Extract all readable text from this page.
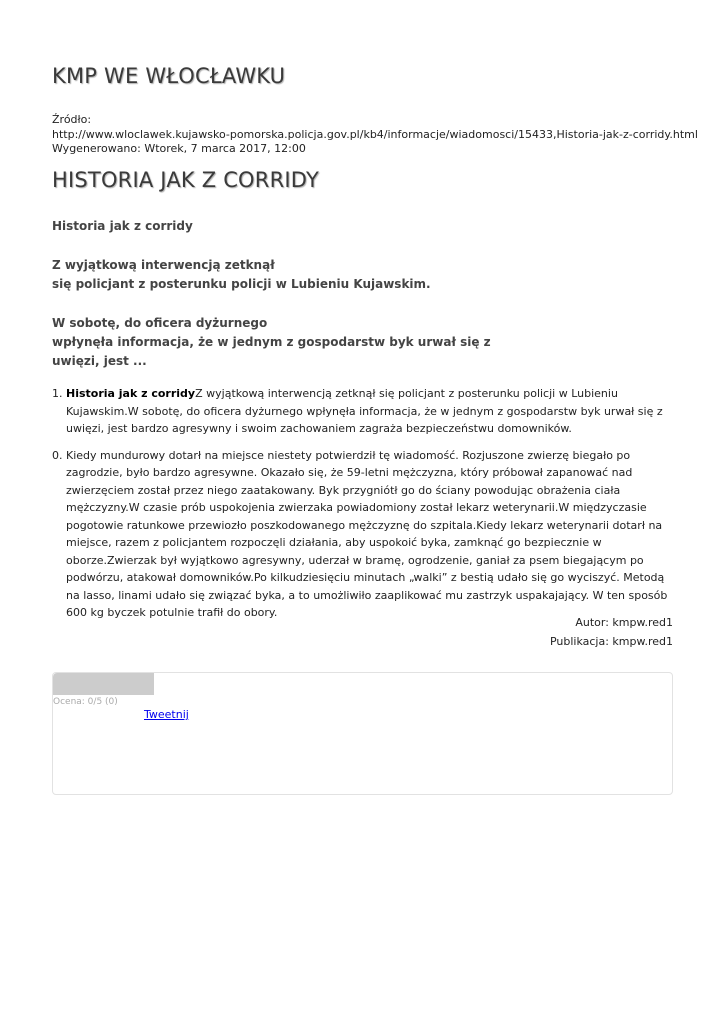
KMP WE WŁOCŁAWKU
Źródło:
http://www.wloclawek.kujawsko-pomorska.policja.gov.pl/kb4/informacje/wiadomosci/15433,Historia-jak-z-corridy.html
Wygenerowano: Wtorek, 7 marca 2017, 12:00
HISTORIA JAK Z CORRIDY
Historia jak z corridy
Z wyjątkową interwencją zetknął
się policjant z posterunku policji w Lubieniu Kujawskim.
W sobotę, do oficera dyżurnego
wpłynęła informacja, że w jednym z gospodarstw byk urwał się z
uwięzi, jest ...
1. Historia jak z corridyZ wyjątkową interwencją zetknął się policjant z posterunku policji w Lubieniu Kujawskim.W sobotę, do oficera dyżurnego wpłynęła informacja, że w jednym z gospodarstw byk urwał się z uwięzi, jest bardzo agresywny i swoim zachowaniem zagraża bezpieczeństwu domowników.
0. Kiedy mundurowy dotarł na miejsce niestety potwierdził tę wiadomość. Rozjuszone zwierzę biegało po zagrodzie, było bardzo agresywne. Okazało się, że 59-letni mężczyzna, który próbował zapanować nad zwierzęciem został przez niego zaatakowany. Byk przygniótł go do ściany powodując obrażenia ciała mężczyzny.W czasie prób uspokojenia zwierzaka powiadomiony został lekarz weterynarii.W międzyczasie pogotowie ratunkowe przewiozło poszkodowanego mężczyznę do szpitala.Kiedy lekarz weterynarii dotarł na miejsce, razem z policjantem rozpoczęli działania, aby uspokoić byka, zamknąć go bezpiecznie w oborze.Zwierzak był wyjątkowo agresywny, uderzał w bramę, ogrodzenie, ganiał za psem biegającym po podwórzu, atakował domowników.Po kilkudziesięciu minutach „walki” z bestią udało się go wyciszyć. Metodą na lasso, linami udało się związać byka, a to umożliwiło zaaplikować mu zastrzyk uspakajający. W ten sposób 600 kg byczek potulnie trafił do obory.
Autor: kmpw.red1
Publikacja: kmpw.red1
Ocena: 0/5 (0)
Tweetnij
